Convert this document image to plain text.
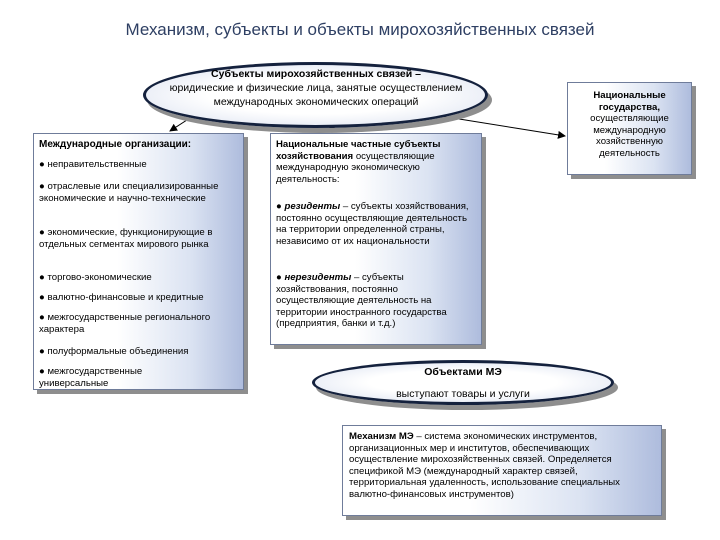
Механизм, субъекты и объекты мирохозяйственных связей
Субъекты мирохозяйственных связей –
юридические и физические лица, занятые осуществлением международных экономических операций
Международные организации:
● неправительственные
● отраслевые или специализированные экономические и научно-технические
● экономические, функционирующие в отдельных сегментах мирового рынка
● торгово-экономические
● валютно-финансовые и кредитные
● межгосударственные регионального характера
● полуформальные объединения
● межгосударственные универсальные
Национальные частные субъекты хозяйствования осуществляющие международную экономическую деятельность:
● резиденты – субъекты хозяйствования, постоянно осуществляющие деятельность на территории определенной страны, независимо от их национальности
● нерезиденты – субъекты хозяйствования, постоянно осуществляющие деятельность на территории иностранного государства (предприятия, банки и т.д.)
Национальные государства,
осуществляющие международную хозяйственную деятельность
Объектами МЭ
выступают товары и услуги
Механизм МЭ – система экономических инструментов, организационных мер и институтов, обеспечивающих осуществление мирохозяйственных связей. Определяется спецификой МЭ (международный характер связей, территориальная удаленность, использование специальных валютно-финансовых инструментов)
